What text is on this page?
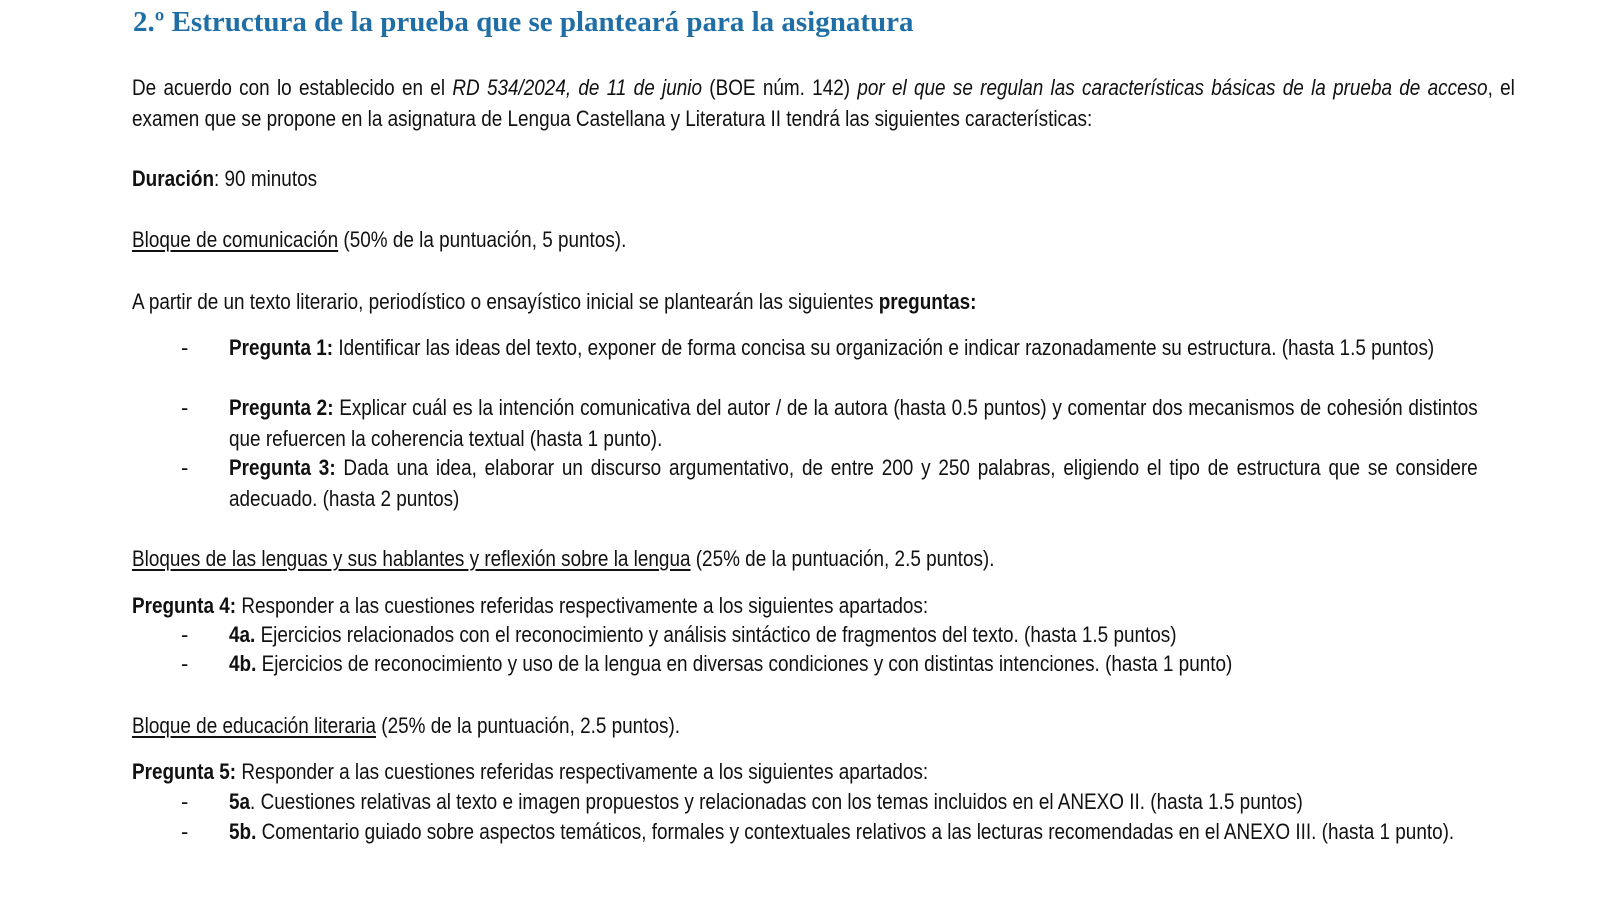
2.º Estructura de la prueba que se planteará para la asignatura
De acuerdo con lo establecido en el RD 534/2024, de 11 de junio (BOE núm. 142) por el que se regulan las características básicas de la prueba de acceso, el examen que se propone en la asignatura de Lengua Castellana y Literatura II tendrá las siguientes características:
Duración: 90 minutos
Bloque de comunicación (50% de la puntuación, 5 puntos).
A partir de un texto literario, periodístico o ensayístico inicial se plantearán las siguientes preguntas:
- Pregunta 1: Identificar las ideas del texto, exponer de forma concisa su organización e indicar razonadamente su estructura. (hasta 1.5 puntos)
- Pregunta 2: Explicar cuál es la intención comunicativa del autor / de la autora (hasta 0.5 puntos) y comentar dos mecanismos de cohesión distintos que refuercen la coherencia textual (hasta 1 punto).
- Pregunta 3: Dada una idea, elaborar un discurso argumentativo, de entre 200 y 250 palabras, eligiendo el tipo de estructura que se considere adecuado. (hasta 2 puntos)
Bloques de las lenguas y sus hablantes y reflexión sobre la lengua (25% de la puntuación, 2.5 puntos).
Pregunta 4: Responder a las cuestiones referidas respectivamente a los siguientes apartados:
- 4a. Ejercicios relacionados con el reconocimiento y análisis sintáctico de fragmentos del texto. (hasta 1.5 puntos)
- 4b. Ejercicios de reconocimiento y uso de la lengua en diversas condiciones y con distintas intenciones. (hasta 1 punto)
Bloque de educación literaria (25% de la puntuación, 2.5 puntos).
Pregunta 5: Responder a las cuestiones referidas respectivamente a los siguientes apartados:
- 5a. Cuestiones relativas al texto e imagen propuestos y relacionadas con los temas incluidos en el ANEXO II. (hasta 1.5 puntos)
- 5b. Comentario guiado sobre aspectos temáticos, formales y contextuales relativos a las lecturas recomendadas en el ANEXO III. (hasta 1 punto).
